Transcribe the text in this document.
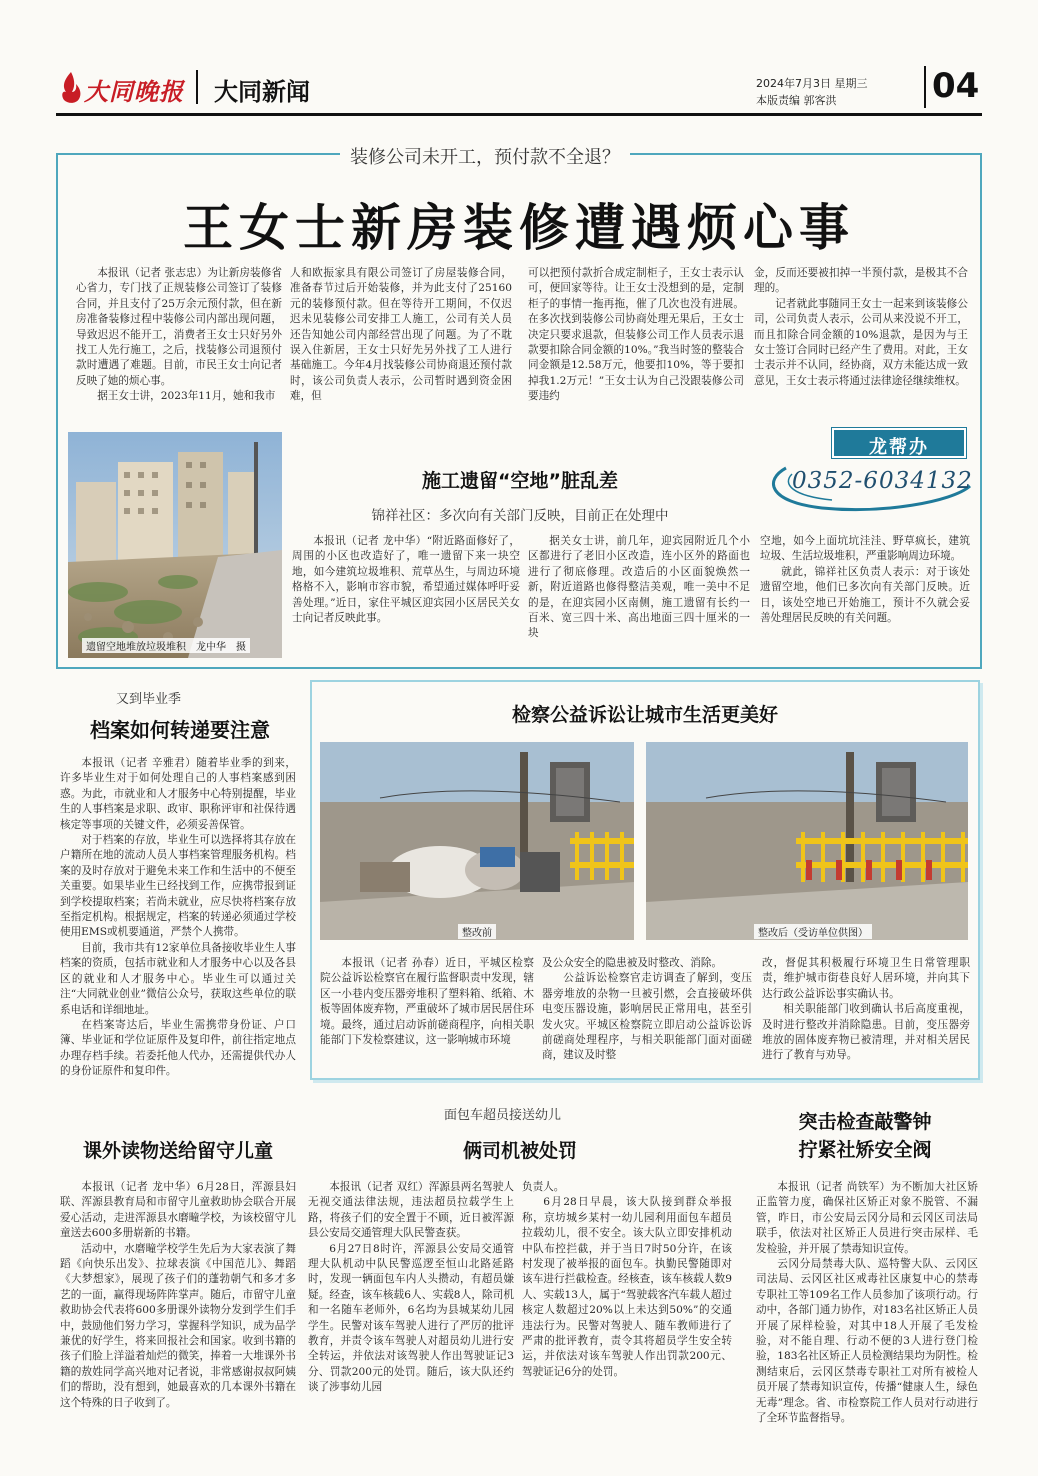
大同晚报 大同新闻	2024年7月3日 星期三
本版责编 郭客洪	04
装修公司未开工，预付款不全退？
王女士新房装修遭遇烦心事

本报讯（记者 张志忠）为让新房装修省心省力，专门找了正规装修公司签订了装修合同，并且支付了25万余元预付款，但在新房准备装修过程中装修公司内部出现问题，导致迟迟不能开工，消费者王女士只好另外找工人先行施工，之后，找装修公司退预付款时遭遇了难题。目前，市民王女士向记者反映了她的烦心事。

据王女士讲，2023年11月，她和我市

人和欧振家具有限公司签订了房屋装修合同，准备春节过后开始装修，并为此支付了25160元的装修预付款。但在等待开工期间，不仅迟迟未见装修公司安排工人施工，公司有关人员还告知她公司内部经营出现了问题。为了不耽误入住新居，王女士只好先另外找了工人进行基础施工。今年4月找装修公司协商退还预付款时，该公司负责人表示，公司暂时遇到资金困难，但

可以把预付款折合成定制柜子，王女士表示认可，便回家等待。让王女士没想到的是，定制柜子的事情一拖再拖，催了几次也没有进展。在多次找到装修公司协商处理无果后，王女士决定只要求退款，但装修公司工作人员表示退款要扣除合同金额的10%。”我当时签的整装合同金额是12.58万元，他要扣10%，等于要扣掉我1.2万元！”王女士认为自己没跟装修公司要违约

金，反而还要被扣掉一半预付款，是极其不合理的。

记者就此事随同王女士一起来到该装修公司，公司负责人表示，公司从来没说不开工，而且扣除合同金额的10%退款，是因为与王女士签订合同时已经产生了费用。对此，王女士表示并不认同，经协商，双方未能达成一致意见，王女士表示将通过法律途径继续维权。

龙帮办
0352-6034132
遗留空地堆放垃圾堆积　龙中华　摄
施工遗留“空地”脏乱差
锦祥社区：多次向有关部门反映，目前正在处理中

本报讯（记者 龙中华）“附近路面修好了，周围的小区也改造好了，唯一遗留下来一块空地，如今建筑垃圾堆积、荒草丛生，与周边环境格格不入，影响市容市貌，希望通过媒体呼吁妥善处理。”近日，家住平城区迎宾园小区居民关女士向记者反映此事。

据关女士讲，前几年，迎宾园附近几个小区都进行了老旧小区改造，连小区外的路面也进行了彻底修理。改造后的小区面貌焕然一新，附近道路也修得整洁美观，唯一美中不足的是，在迎宾园小区南侧，施工遗留有长约一百米、宽三四十米、高出地面三四十厘米的一块

空地，如今上面坑坑洼洼、野草疯长，建筑垃圾、生活垃圾堆积，严重影响周边环境。

就此，锦祥社区负责人表示：对于该处遗留空地，他们已多次向有关部门反映。近日，该处空地已开始施工，预计不久就会妥善处理居民反映的有关问题。

又到毕业季
档案如何转递要注意

本报讯（记者 辛雅君）随着毕业季的到来，许多毕业生对于如何处理自己的人事档案感到困惑。为此，市就业和人才服务中心特别提醒，毕业生的人事档案是求职、政审、职称评审和社保待遇核定等事项的关键文件，必须妥善保管。

对于档案的存放，毕业生可以选择将其存放在户籍所在地的流动人员人事档案管理服务机构。档案的及时存放对于避免未来工作和生活中的不便至关重要。如果毕业生已经找到工作，应携带报到证到学校提取档案；若尚未就业，应尽快将档案存放至指定机构。根据规定，档案的转递必须通过学校使用EMS或机要通道，严禁个人携带。

目前，我市共有12家单位具备接收毕业生人事档案的资质，包括市就业和人才服务中心以及各县区的就业和人才服务中心。毕业生可以通过关注“大同就业创业”微信公众号，获取这些单位的联系电话和详细地址。

在档案寄达后，毕业生需携带身份证、户口簿、毕业证和学位证原件及复印件，前往指定地点办理存档手续。若委托他人代办，还需提供代办人的身份证原件和复印件。

检察公益诉讼让城市生活更美好
整改前	整改后（受访单位供图）

本报讯（记者 孙春）近日，平城区检察院公益诉讼检察官在履行监督职责中发现，辖区一小巷内变压器旁堆积了塑料箱、纸箱、木板等固体废弃物，严重破坏了城市居民居住环境。最终，通过启动诉前磋商程序，向相关职能部门下发检察建议，这一影响城市环境

及公众安全的隐患被及时整改、消除。

公益诉讼检察官走访调查了解到，变压器旁堆放的杂物一旦被引燃，会直接破坏供电变压器设施，影响居民正常用电，甚至引发火灾。平城区检察院立即启动公益诉讼诉前磋商处理程序，与相关职能部门面对面磋商，建议及时整

改，督促其积极履行环境卫生日常管理职责，维护城市街巷良好人居环境，并向其下达行政公益诉讼事实确认书。

相关职能部门收到确认书后高度重视，及时进行整改并消除隐患。目前，变压器旁堆放的固体废弃物已被清理，并对相关居民进行了教育与劝导。

课外读物送给留守儿童

本报讯（记者 龙中华）6月28日，浑源县妇联、浑源县教育局和市留守儿童救助协会联合开展爱心活动，走进浑源县水磨疃学校，为该校留守儿童送去600多册崭新的书籍。

活动中，水磨疃学校学生先后为大家表演了舞蹈《向快乐出发》、拉球表演《中国范儿》、舞蹈《大梦想家》，展现了孩子们的蓬勃朝气和多才多艺的一面，赢得现场阵阵掌声。随后，市留守儿童救助协会代表将600多册课外读物分发到学生们手中，鼓励他们努力学习，掌握科学知识，成为品学兼优的好学生，将来回报社会和国家。收到书籍的孩子们脸上洋溢着灿烂的微笑，捧着一大堆课外书籍的敖姓同学高兴地对记者说，非常感谢叔叔阿姨们的帮助，没有想到，她最喜欢的几本课外书籍在这个特殊的日子收到了。

面包车超员接送幼儿
俩司机被处罚

本报讯（记者 双红）浑源县两名驾驶人无视交通法律法规，违法超员拉载学生上路，将孩子们的安全置于不顾，近日被浑源县公安局交通管理大队民警查获。

6月27日8时许，浑源县公安局交通管理大队机动中队民警巡逻至恒山北路延路时，发现一辆面包车内人头攒动，有超员嫌疑。经查，该车核载6人、实载8人，除司机和一名随车老师外，6名均为县城某幼儿园学生。民警对该车驾驶人进行了严厉的批评教育，并责令该车驾驶人对超员幼儿进行安全转运，并依法对该驾驶人作出驾驶证记3分、罚款200元的处罚。随后，该大队还约谈了涉事幼儿园

负责人。

6月28日早晨，该大队接到群众举报称，京坊城乡某村一幼儿园利用面包车超员拉载幼儿，很不安全。该大队立即安排机动中队布控拦截，并于当日7时50分许，在该村发现了被举报的面包车。执勤民警随即对该车进行拦截检查。经核查，该车核载人数9人、实载13人，属于“驾驶载客汽车载人超过核定人数超过20%以上未达到50%”的交通违法行为。民警对驾驶人、随车教师进行了严肃的批评教育，责令其将超员学生安全转运，并依法对该车驾驶人作出罚款200元、驾驶证记6分的处罚。

突击检查敲警钟
拧紧社矫安全阀

本报讯（记者 尚铁军）为不断加大社区矫正监管力度，确保社区矫正对象不脱管、不漏管，昨日，市公安局云冈分局和云冈区司法局联手，依法对社区矫正人员进行突击尿样、毛发检验，并开展了禁毒知识宣传。

云冈分局禁毒大队、巡特警大队、云冈区司法局、云冈区社区戒毒社区康复中心的禁毒专职社工等109名工作人员参加了该项行动。行动中，各部门通力协作，对183名社区矫正人员开展了尿样检验，对其中18人开展了毛发检验，对不能自理、行动不便的3人进行登门检验，183名社区矫正人员检测结果均为阴性。检测结束后，云冈区禁毒专职社工对所有被检人员开展了禁毒知识宣传，传播“健康人生，绿色无毒”理念。省、市检察院工作人员对行动进行了全环节监督指导。
